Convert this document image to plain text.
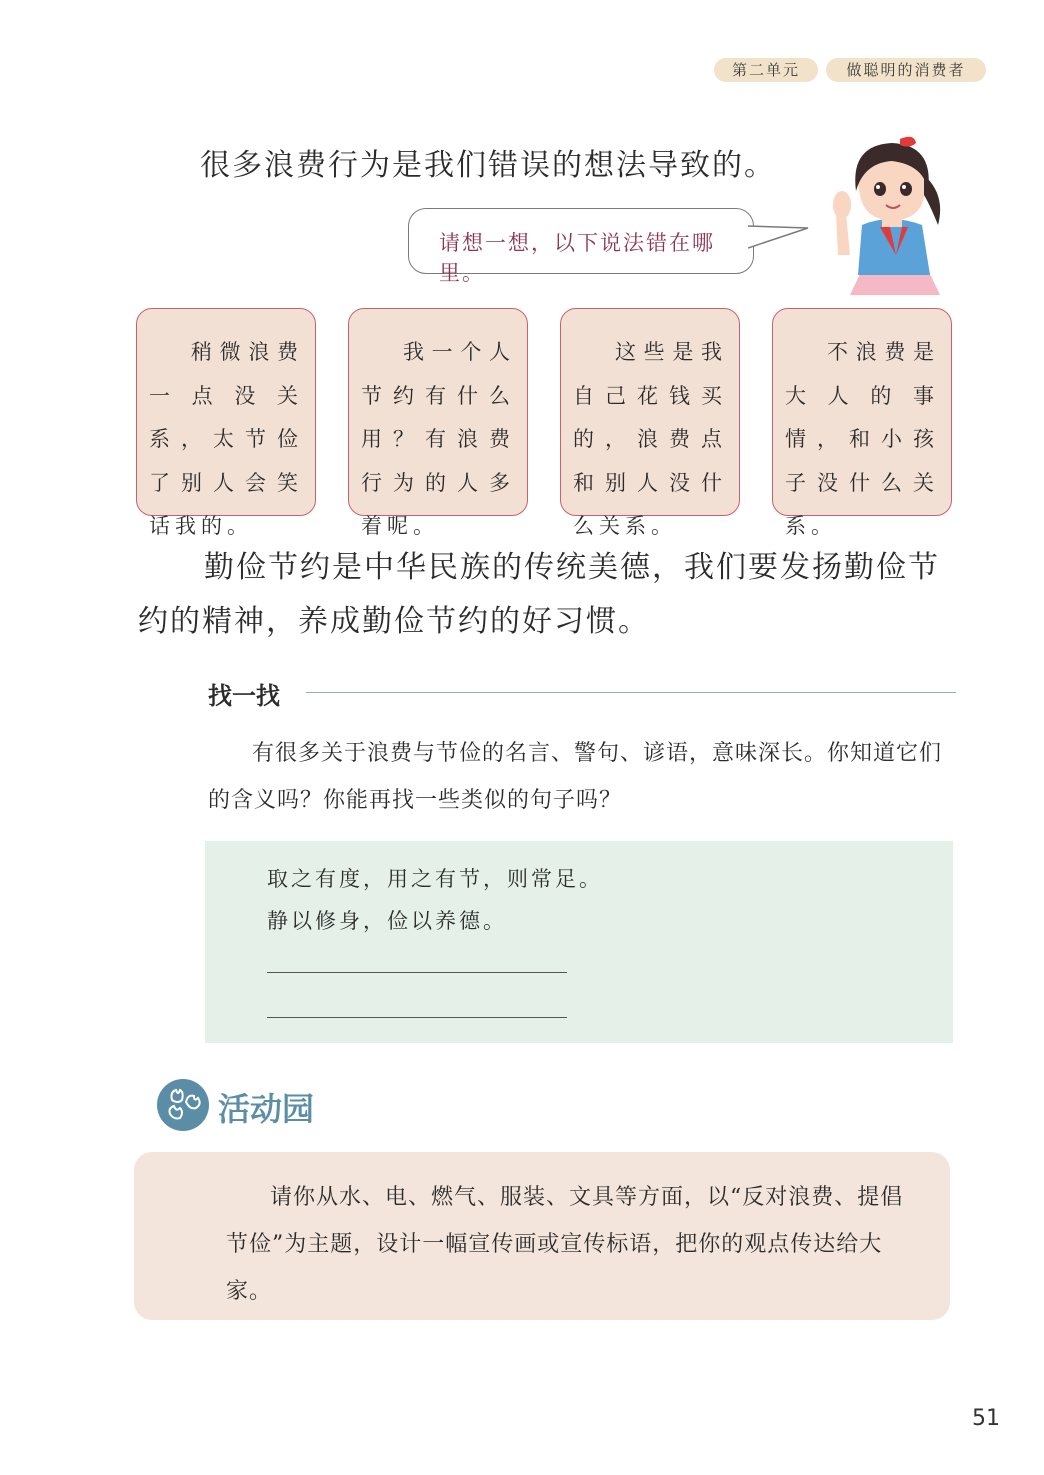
第二单元	做聪明的消费者
很多浪费行为是我们错误的想法导致的。
请想一想，以下说法错在哪里。
稍微浪费一点没关系，太节俭了别人会笑话我的。
我一个人节约有什么用？有浪费行为的人多着呢。
这些是我自己花钱买的，浪费点和别人没什么关系。
不浪费是大人的事情，和小孩子没什么关系。
勤俭节约是中华民族的传统美德，我们要发扬勤俭节约的精神，养成勤俭节约的好习惯。
找一找
有很多关于浪费与节俭的名言、警句、谚语，意味深长。你知道它们的含义吗？你能再找一些类似的句子吗？
取之有度，用之有节，则常足。
静以修身，俭以养德。
活动园
请你从水、电、燃气、服装、文具等方面，以“反对浪费、提倡节俭”为主题，设计一幅宣传画或宣传标语，把你的观点传达给大家。
51
